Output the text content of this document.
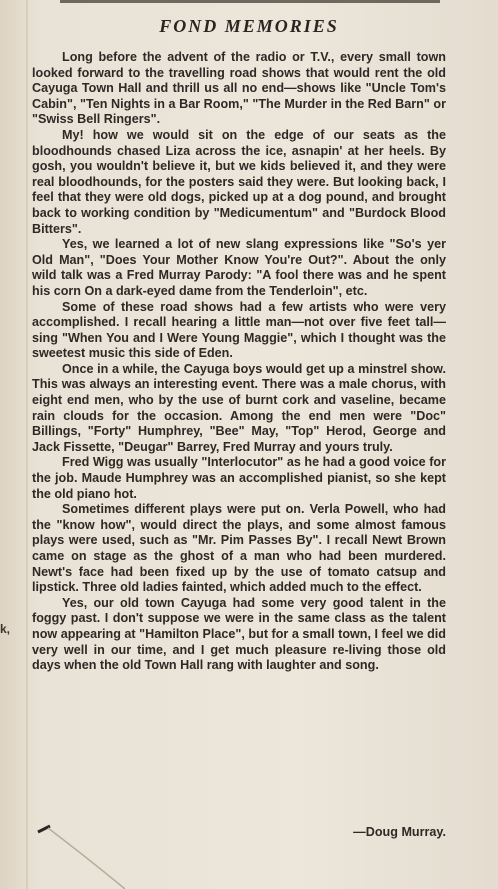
FOND MEMORIES
k,

Long before the advent of the radio or T.V., every small town looked forward to the travelling road shows that would rent the old Cayuga Town Hall and thrill us all no end—shows like "Uncle Tom's Cabin", "Ten Nights in a Bar Room," "The Murder in the Red Barn" or "Swiss Bell Ringers".

My! how we would sit on the edge of our seats as the bloodhounds chased Liza across the ice, asnapin' at her heels. By gosh, you wouldn't believe it, but we kids believed it, and they were real bloodhounds, for the posters said they were. But looking back, I feel that they were old dogs, picked up at a dog pound, and brought back to working condition by "Medicumentum" and "Burdock Blood Bitters".

Yes, we learned a lot of new slang expressions like "So's yer Old Man", "Does Your Mother Know You're Out?". About the only wild talk was a Fred Murray Parody: "A fool there was and he spent his corn On a dark-eyed dame from the Tenderloin", etc.

Some of these road shows had a few artists who were very accomplished. I recall hearing a little man—not over five feet tall—sing "When You and I Were Young Maggie", which I thought was the sweetest music this side of Eden.

Once in a while, the Cayuga boys would get up a minstrel show. This was always an interesting event. There was a male chorus, with eight end men, who by the use of burnt cork and vaseline, became rain clouds for the occasion. Among the end men were "Doc" Billings, "Forty" Humphrey, "Bee" May, "Top" Herod, George and Jack Fissette, "Deugar" Barrey, Fred Murray and yours truly.

Fred Wigg was usually "Interlocutor" as he had a good voice for the job. Maude Humphrey was an accomplished pianist, so she kept the old piano hot.

Sometimes different plays were put on. Verla Powell, who had the "know how", would direct the plays, and some almost famous plays were used, such as "Mr. Pim Passes By". I recall Newt Brown came on stage as the ghost of a man who had been murdered. Newt's face had been fixed up by the use of tomato catsup and lipstick. Three old ladies fainted, which added much to the effect.

Yes, our old town Cayuga had some very good talent in the foggy past. I don't suppose we were in the same class as the talent now appearing at "Hamilton Place", but for a small town, I feel we did very well in our time, and I get much pleasure re-living those old days when the old Town Hall rang with laughter and song.

—Doug Murray.
